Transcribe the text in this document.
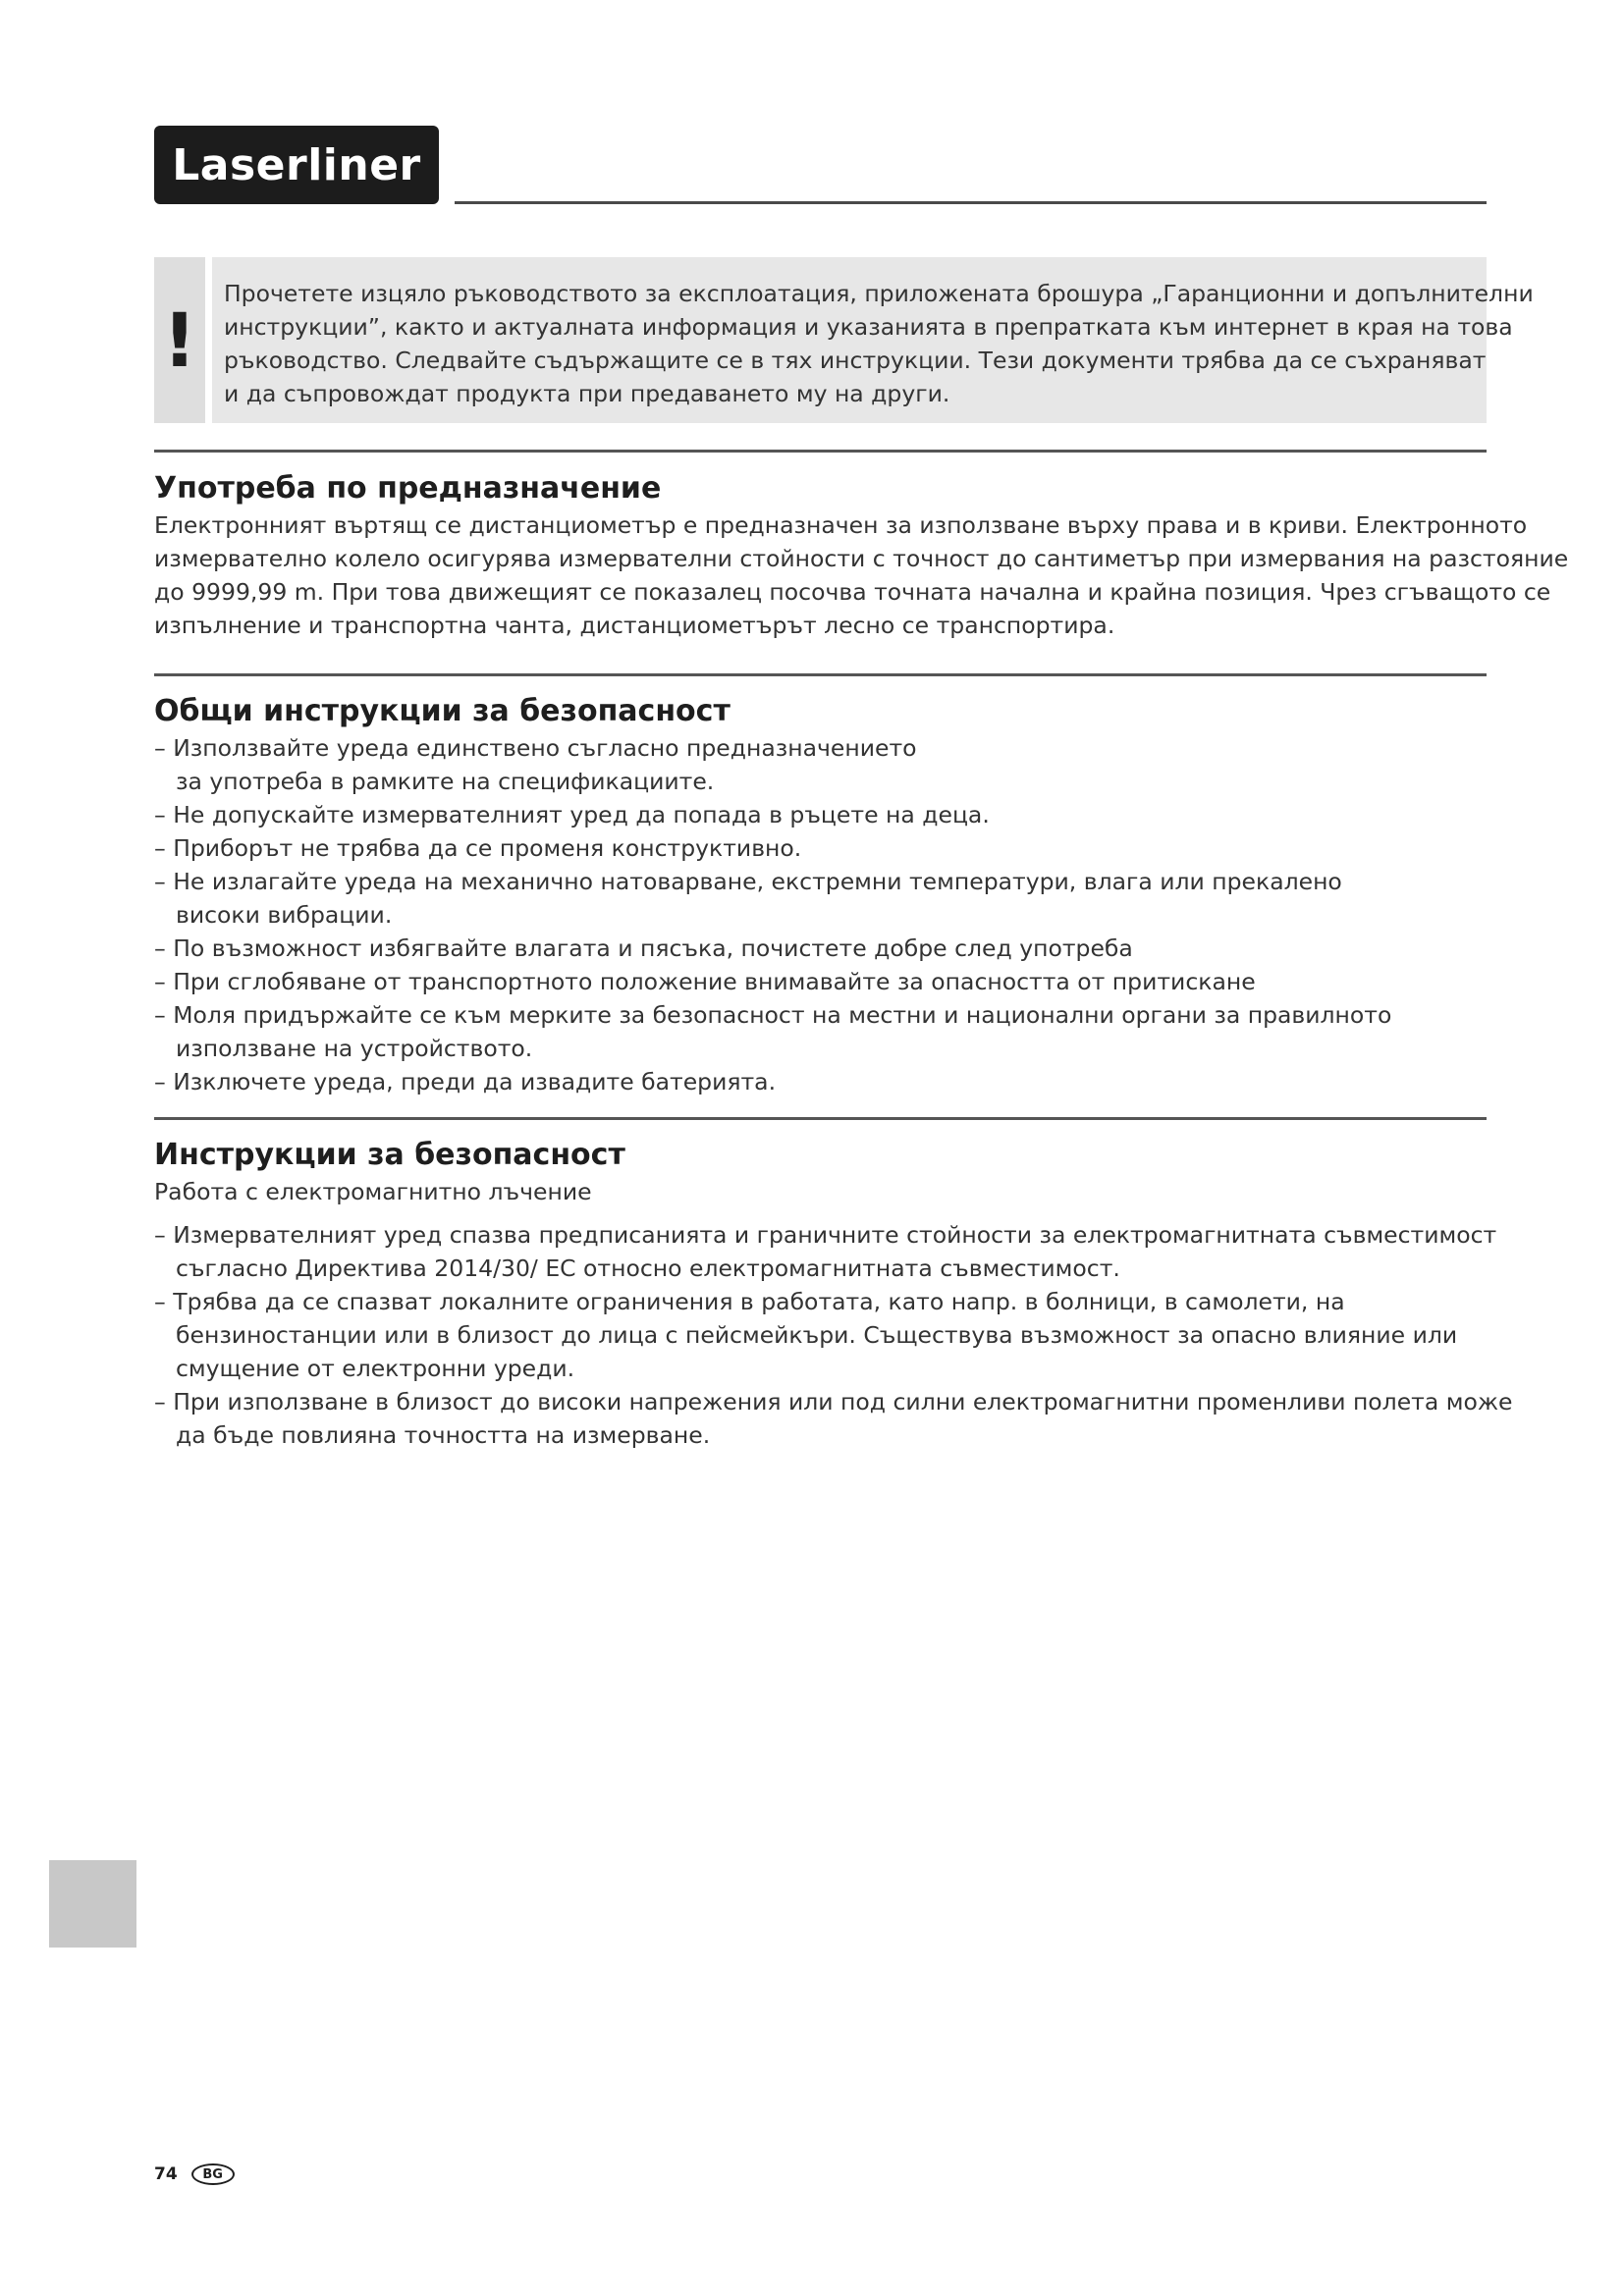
Laserliner
!

Прочетете изцяло ръководството за експлоатация, приложената брошура „Гаранционни и допълнителни

инструкции”, както и актуалната информация и указанията в препратката към интернет в края на това

ръководство. Следвайте съдържащите се в тях инструкции. Тези документи трябва да се съхраняват

и да съпровождат продукта при предаването му на други.

Употреба по предназначение

Електронният въртящ се дистанциометър е предназначен за използване върху права и в криви. Електронното
измервателно колело осигурява измервателни стойности с точност до сантиметър при измервания на разстояние
до 9999,99 m. При това движещият се показалец посочва точната начална и крайна позиция. Чрез сгъващото се
изпълнение и транспортна чанта, дистанциометърът лесно се транспортира.

Общи инструкции за безопасност
– Използвайте уреда единствено съгласно предназначението
за употреба в рамките на спецификациите.
– Не допускайте измервателният уред да попада в ръцете на деца.
– Приборът не трябва да се променя конструктивно.
– Не излагайте уреда на механично натоварване, екстремни температури, влага или прекалено
високи вибрации.
– По възможност избягвайте влагата и пясъка, почистете добре след употреба
– При сглобяване от транспортното положение внимавайте за опасността от притискане
– Моля придържайте се към мерките за безопасност на местни и национални органи за правилното
използване на устройството.
– Изключете уреда, преди да извадите батерията.
Инструкции за безопасност

Работа с електромагнитно лъчение

– Измервателният уред спазва предписанията и граничните стойности за електромагнитната съвместимост
съгласно Директива 2014/30/ EC относно електромагнитната съвместимост.
– Трябва да се спазват локалните ограничения в работата, като напр. в болници, в самолети, на
бензиностанции или в близост до лица с пейсмейкъри. Съществува възможност за опасно влияние или
смущение от електронни уреди.
– При използване в близост до високи напрежения или под силни електромагнитни променливи полета може
да бъде повлияна точността на измерване.
74	BG
